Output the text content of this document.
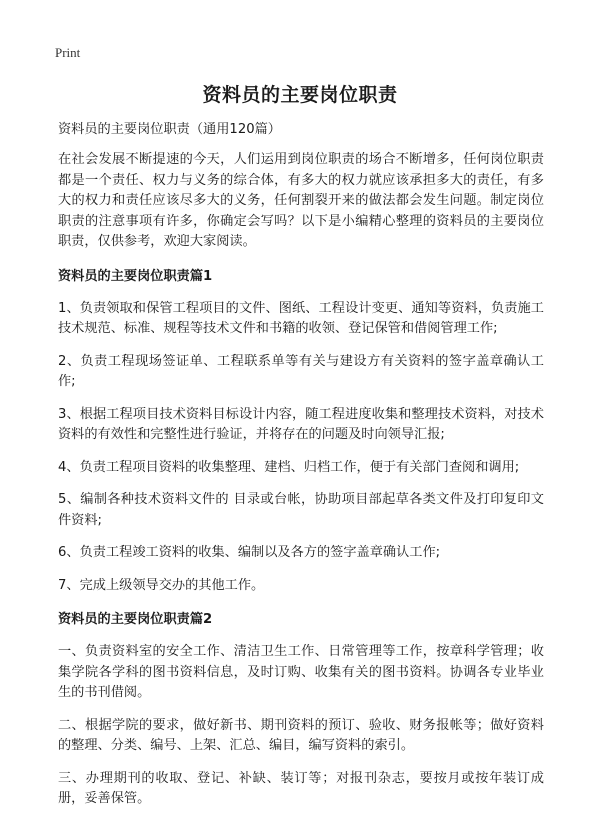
Print
资料员的主要岗位职责
资料员的主要岗位职责（通用120篇）

在社会发展不断提速的今天，人们运用到岗位职责的场合不断增多，任何岗位职责都是一个责任、权力与义务的综合体，有多大的权力就应该承担多大的责任，有多大的权力和责任应该尽多大的义务，任何割裂开来的做法都会发生问题。制定岗位职责的注意事项有许多，你确定会写吗？以下是小编精心整理的资料员的主要岗位职责，仅供参考，欢迎大家阅读。

资料员的主要岗位职责篇1

1、负责领取和保管工程项目的文件、图纸、工程设计变更、通知等资料，负责施工技术规范、标准、规程等技术文件和书籍的收领、登记保管和借阅管理工作;

2、负责工程现场签证单、工程联系单等有关与建设方有关资料的签字盖章确认工作;

3、根据工程项目技术资料目标设计内容，随工程进度收集和整理技术资料，对技术资料的有效性和完整性进行验证，并将存在的问题及时向领导汇报;

4、负责工程项目资料的收集整理、建档、归档工作，便于有关部门查阅和调用;

5、编制各种技术资料文件的 目录或台帐，协助项目部起草各类文件及打印复印文件资料;

6、负责工程竣工资料的收集、编制以及各方的签字盖章确认工作;

7、完成上级领导交办的其他工作。

资料员的主要岗位职责篇2

一、负责资料室的安全工作、清洁卫生工作、日常管理等工作，按章科学管理；收集学院各学科的图书资料信息，及时订购、收集有关的图书资料。协调各专业毕业生的书刊借阅。

二、根据学院的要求，做好新书、期刊资料的预订、验收、财务报帐等；做好资料的整理、分类、编号、上架、汇总、编目，编写资料的索引。

三、办理期刊的收取、登记、补缺、装订等；对报刊杂志，要按月或按年装订成册，妥善保管。
